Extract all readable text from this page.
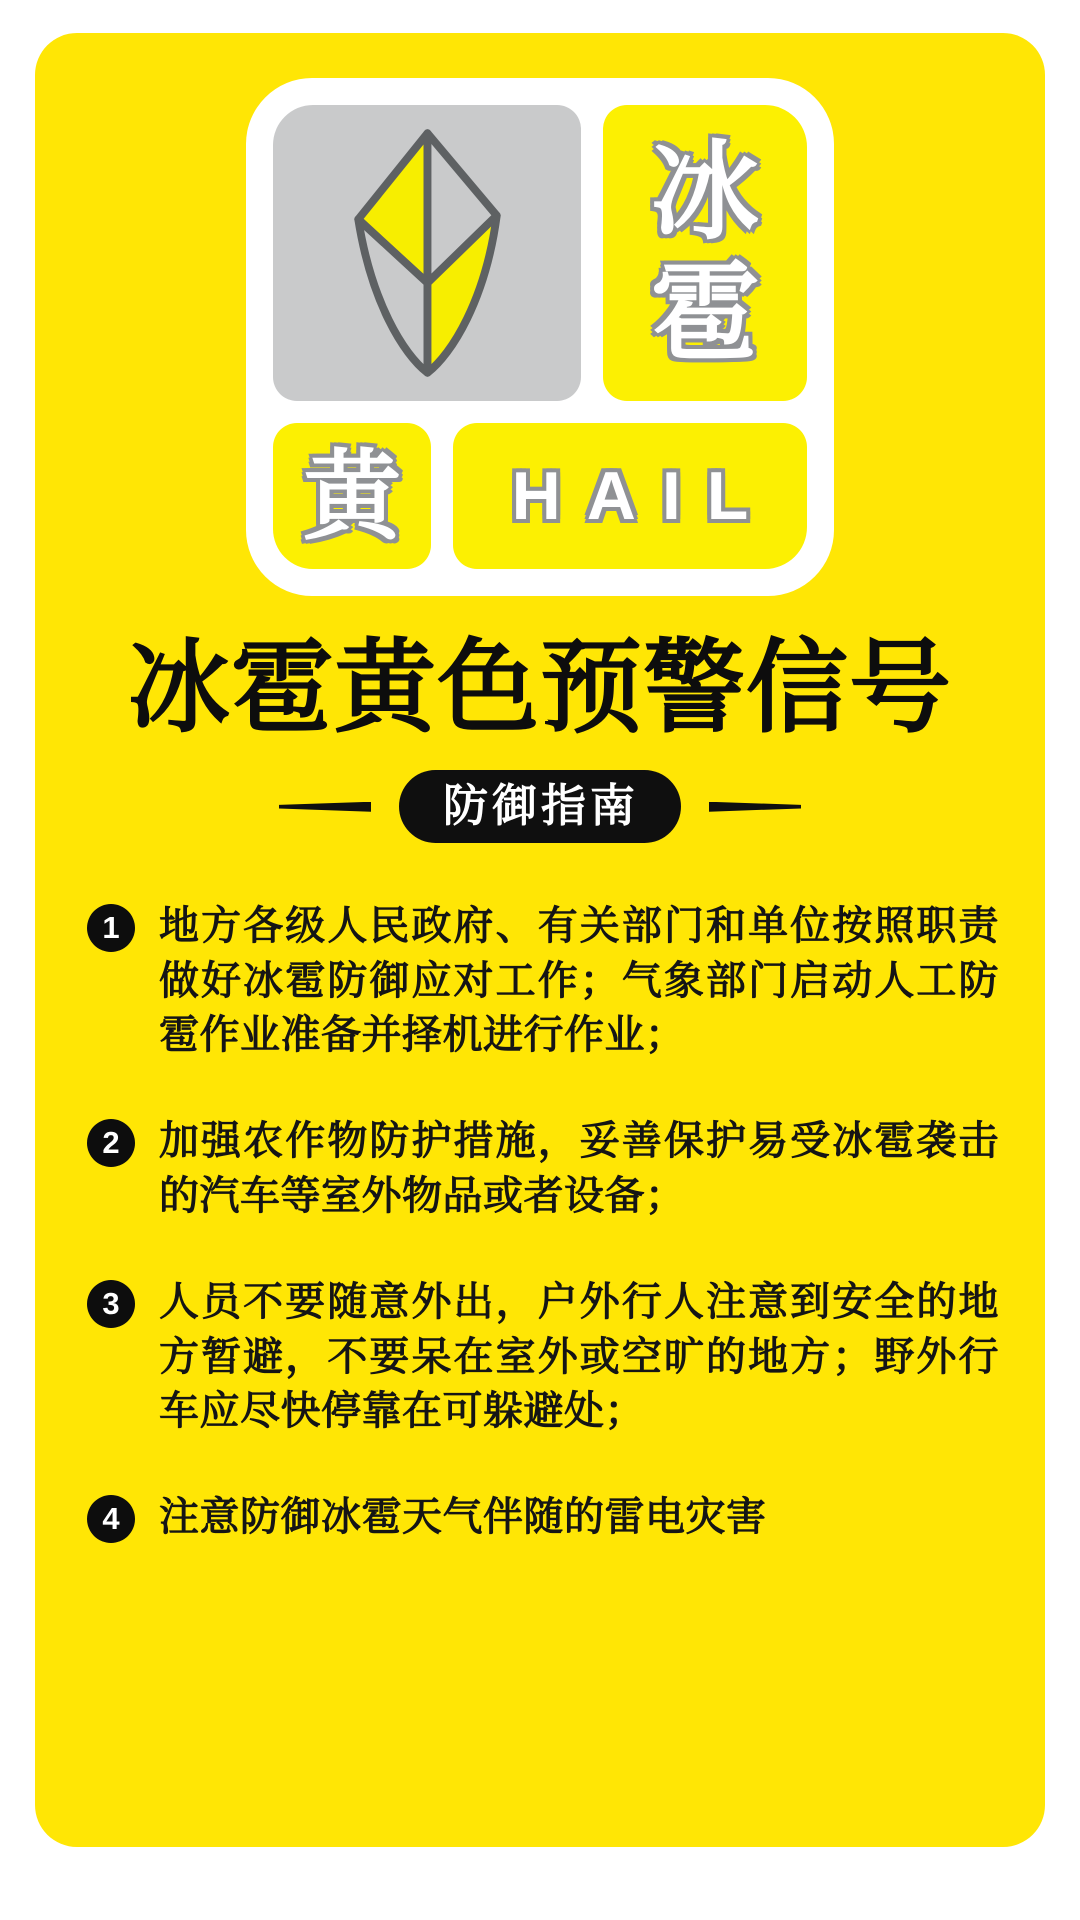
冰
雹
黄 HAIL
冰雹黄色预警信号
防御指南
1 地方各级人民政府、有关部门和单位按照职责做好冰雹防御应对工作；气象部门启动人工防雹作业准备并择机进行作业；
2 加强农作物防护措施，妥善保护易受冰雹袭击的汽车等室外物品或者设备；
3 人员不要随意外出，户外行人注意到安全的地方暂避，不要呆在室外或空旷的地方；野外行车应尽快停靠在可躲避处；
4 注意防御冰雹天气伴随的雷电灾害
